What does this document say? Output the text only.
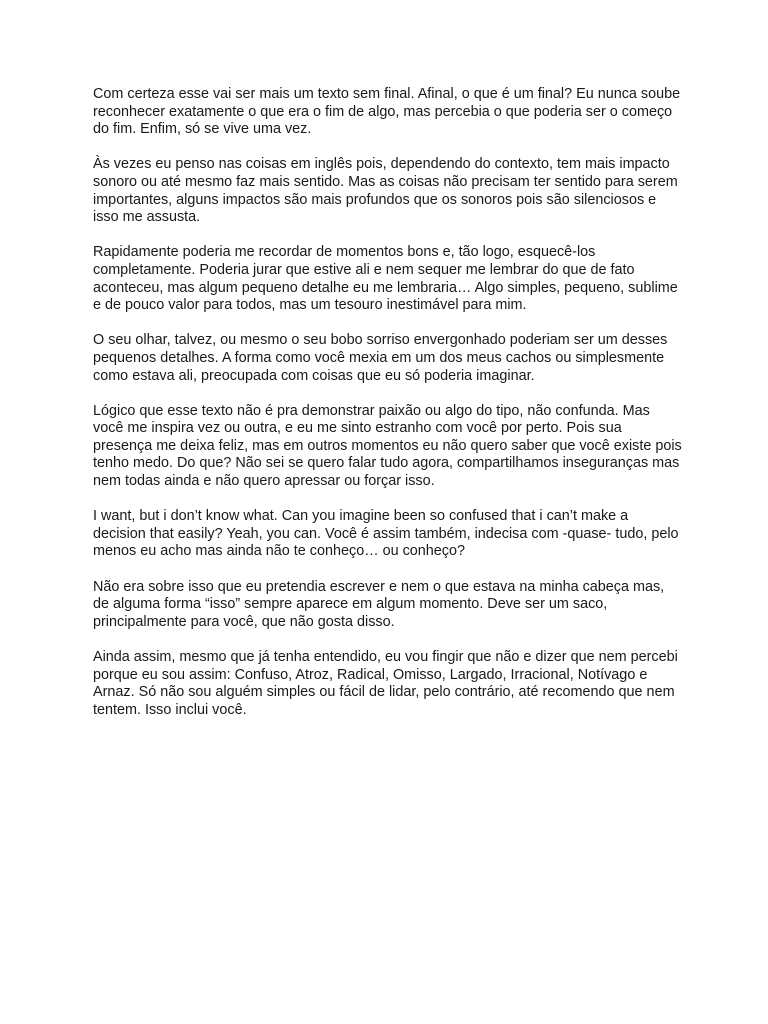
Com certeza esse vai ser mais um texto sem final. Afinal, o que é um final? Eu nunca soube
reconhecer exatamente o que era o fim de algo, mas percebia o que poderia ser o começo
do fim. Enfim, só se vive uma vez.

Às vezes eu penso nas coisas em inglês pois, dependendo do contexto, tem mais impacto
sonoro ou até mesmo faz mais sentido. Mas as coisas não precisam ter sentido para serem
importantes, alguns impactos são mais profundos que os sonoros pois são silenciosos e
isso me assusta.

Rapidamente poderia me recordar de momentos bons e, tão logo, esquecê-los
completamente. Poderia jurar que estive ali e nem sequer me lembrar do que de fato
aconteceu, mas algum pequeno detalhe eu me lembraria… Algo simples, pequeno, sublime
e de pouco valor para todos, mas um tesouro inestimável para mim.

O seu olhar, talvez, ou mesmo o seu bobo sorriso envergonhado poderiam ser um desses
pequenos detalhes. A forma como você mexia em um dos meus cachos ou simplesmente
como estava ali, preocupada com coisas que eu só poderia imaginar.

Lógico que esse texto não é pra demonstrar paixão ou algo do tipo, não confunda. Mas
você me inspira vez ou outra, e eu me sinto estranho com você por perto. Pois sua
presença me deixa feliz, mas em outros momentos eu não quero saber que você existe pois
tenho medo. Do que? Não sei se quero falar tudo agora, compartilhamos inseguranças mas
nem todas ainda e não quero apressar ou forçar isso.

I want, but i don’t know what. Can you imagine been so confused that i can’t make a
decision that easily? Yeah, you can. Você é assim também, indecisa com -quase- tudo, pelo
menos eu acho mas ainda não te conheço… ou conheço?

Não era sobre isso que eu pretendia escrever e nem o que estava na minha cabeça mas,
de alguma forma “isso” sempre aparece em algum momento. Deve ser um saco,
principalmente para você, que não gosta disso.

Ainda assim, mesmo que já tenha entendido, eu vou fingir que não e dizer que nem percebi
porque eu sou assim: Confuso, Atroz, Radical, Omisso, Largado, Irracional, Notívago e
Arnaz. Só não sou alguém simples ou fácil de lidar, pelo contrário, até recomendo que nem
tentem. Isso inclui você.
